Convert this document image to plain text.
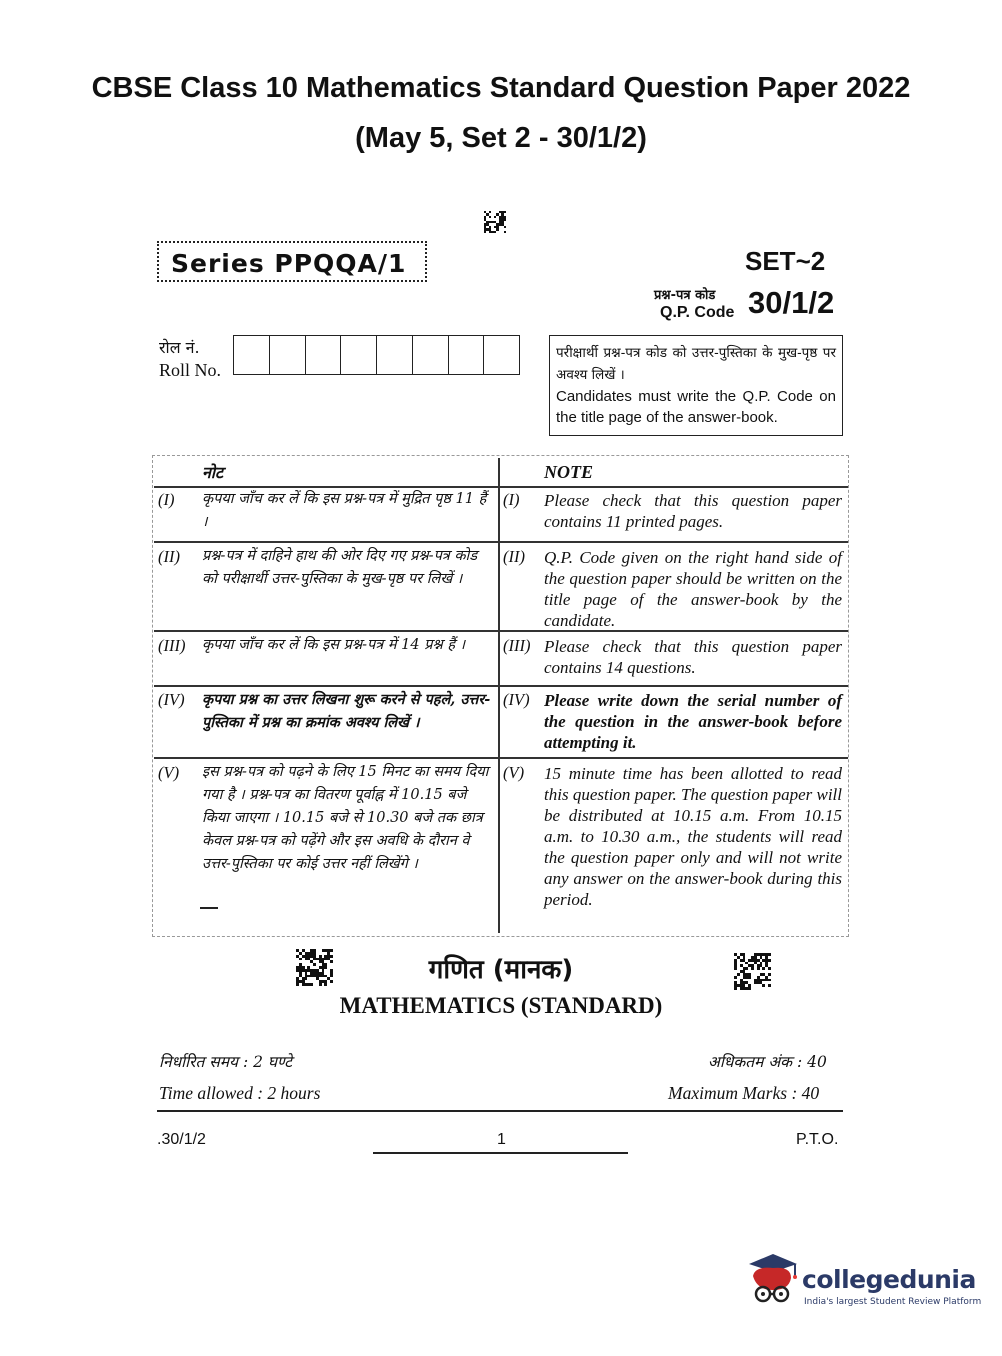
CBSE Class 10 Mathematics Standard Question Paper 2022
(May 5, Set 2 - 30/1/2)
Series PPQQA/1	SET~2
प्रश्न-पत्र कोड
Q.P. Code 30/1/2
रोल नं.
Roll No.
परीक्षार्थी प्रश्न-पत्र कोड को उत्तर-पुस्तिका के मुख-पृष्ठ पर अवश्य लिखें ।
Candidates must write the Q.P. Code on the title page of the answer-book.
नोट	NOTE
(I) कृपया जाँच कर लें कि इस प्रश्न-पत्र में मुद्रित पृष्ठ 11 हैं ।
(I) Please check that this question paper contains 11 printed pages.
(II) प्रश्न-पत्र में दाहिने हाथ की ओर दिए गए प्रश्न-पत्र कोड को परीक्षार्थी उत्तर-पुस्तिका के मुख-पृष्ठ पर लिखें ।
(II) Q.P. Code given on the right hand side of the question paper should be written on the title page of the answer-book by the candidate.
(III) कृपया जाँच कर लें कि इस प्रश्न-पत्र में 14 प्रश्न हैं ।	(III) Please check that this question paper contains 14 questions.
(IV) कृपया प्रश्न का उत्तर लिखना शुरू करने से पहले, उत्तर-पुस्तिका में प्रश्न का क्रमांक अवश्य लिखें ।
(IV) Please write down the serial number of the question in the answer-book before attempting it.
(V) इस प्रश्न-पत्र को पढ़ने के लिए 15 मिनट का समय दिया गया है । प्रश्न-पत्र का वितरण पूर्वाह्न में 10.15 बजे किया जाएगा । 10.15 बजे से 10.30 बजे तक छात्र केवल प्रश्न-पत्र को पढ़ेंगे और इस अवधि के दौरान वे उत्तर-पुस्तिका पर कोई उत्तर नहीं लिखेंगे ।
(V) 15 minute time has been allotted to read this question paper. The question paper will be distributed at 10.15 a.m. From 10.15 a.m. to 10.30 a.m., the students will read the question paper only and will not write any answer on the answer-book during this period.
गणित (मानक)
MATHEMATICS (STANDARD)
निर्धारित समय : 2 घण्टे	अधिकतम अंक : 40
Time allowed : 2 hours	Maximum Marks : 40
.30/1/2	1	P.T.O.
collegedunia
India's largest Student Review Platform
